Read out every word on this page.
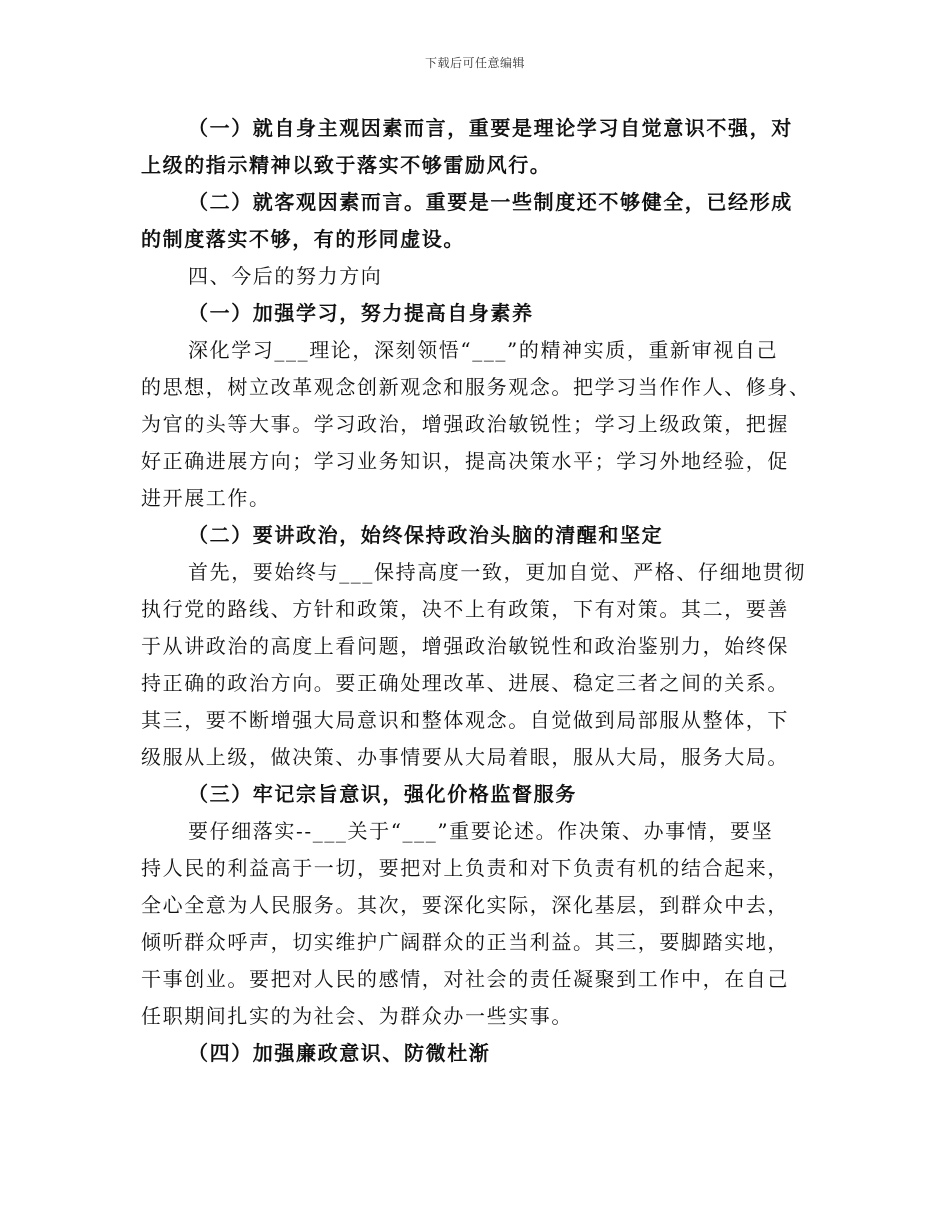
下载后可任意编辑
（一）就自身主观因素而言，重要是理论学习自觉意识不强，对
上级的指示精神以致于落实不够雷励风行。
（二）就客观因素而言。重要是一些制度还不够健全，已经形成
的制度落实不够，有的形同虚设。
四、今后的努力方向
（一）加强学习，努力提高自身素养
深化学习___理论，深刻领悟“___”的精神实质，重新审视自己
的思想，树立改革观念创新观念和服务观念。把学习当作作人、修身、
为官的头等大事。学习政治，增强政治敏锐性；学习上级政策，把握
好正确进展方向；学习业务知识，提高决策水平；学习外地经验，促
进开展工作。
（二）要讲政治，始终保持政治头脑的清醒和坚定
首先，要始终与___保持高度一致，更加自觉、严格、仔细地贯彻
执行党的路线、方针和政策，决不上有政策，下有对策。其二，要善
于从讲政治的高度上看问题，增强政治敏锐性和政治鉴别力，始终保
持正确的政治方向。要正确处理改革、进展、稳定三者之间的关系。
其三，要不断增强大局意识和整体观念。自觉做到局部服从整体，下
级服从上级，做决策、办事情要从大局着眼，服从大局，服务大局。
（三）牢记宗旨意识，强化价格监督服务
要仔细落实--___关于“___”重要论述。作决策、办事情，要坚
持人民的利益高于一切，要把对上负责和对下负责有机的结合起来，
全心全意为人民服务。其次，要深化实际，深化基层，到群众中去，
倾听群众呼声，切实维护广阔群众的正当利益。其三，要脚踏实地，
干事创业。要把对人民的感情，对社会的责任凝聚到工作中，在自己
任职期间扎实的为社会、为群众办一些实事。
（四）加强廉政意识、防微杜渐
